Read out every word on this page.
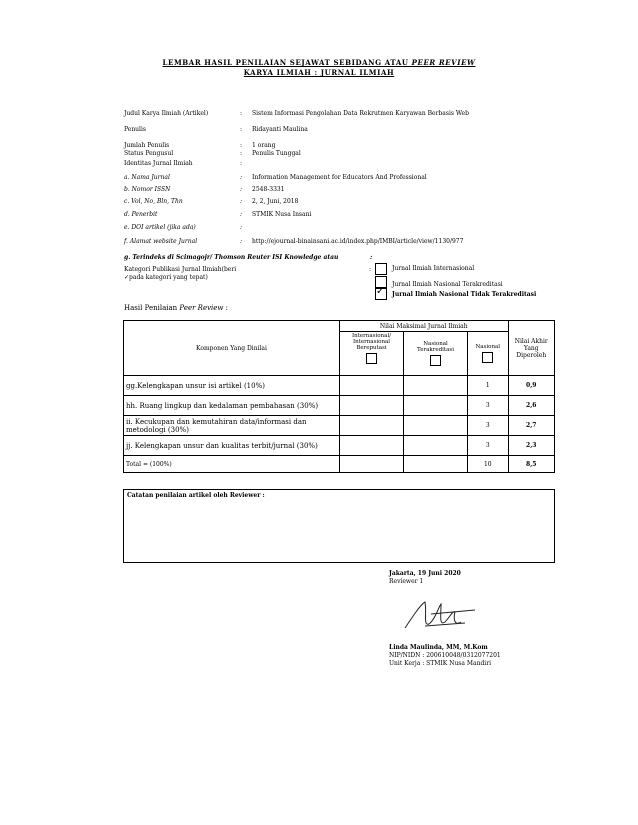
LEMBAR HASIL PENILAIAN SEJAWAT SEBIDANG ATAU PEER REVIEW
KARYA ILMIAH : JURNAL ILMIAH
Judul Karya Ilmiah (Artikel)	: Sistem Informasi Pengolahan Data Rekrutmen Karyawan Berbasis Web
Penulis	: Ridayanti Maulina
Jumlah Penulis	: 1 orang
Status Pengusul	: Penulis Tunggal
Identitas Jurnal Ilmiah	:
a. Nama Jurnal	: Information Management for Educators And Professional
b. Nomor ISSN	: 2548-3331
c. Vol, No, Bln, Thn	: 2, 2, Juni, 2018
d. Penerbit	: STMIK Nusa Insani
e. DOI artikel (jika ada)	:
f. Alamat website Jurnal	: http://ejournal-binainsani.ac.id/index.php/IMBI/article/view/1130/977
g. Terindeks di Scimagojr/ Thomson Reuter ISI Knowledge atau	:
Kategori Publikasi Jurnal Ilmiah(beri ✓pada kategori yang tepat)
:	Jurnal Ilmiah Internasional
Jurnal Ilmiah Nasional Terakreditasi
✓ Jurnal Ilmiah Nasional Tidak Terakreditasi
Hasil Penilaian Peer Review :
Komponen Yang Dinilai	Nilai Maksimal Jurnal Ilmiah			Nilai Akhir Yang Diperoleh

	Internasional/ Internasional Bereputasi	Nasional Terakreditasi	Nasional	

gg.Kelengkapan unsur isi artikel (10%)			1	0,9
hh. Ruang lingkup dan kedalaman pembahasan (30%)			3	2,6
ii. Kecukupan dan kemutahiran data/informasi dan metodologi (30%)			3	2,7
jj. Kelengkapan unsur dan kualitas terbit/jurnal (30%)			3	2,3
Total = (100%)			10	8,5
Catatan penilaian artikel oleh Reviewer :
Jakarta, 19 Juni 2020
Reviewer 1
Linda Maulinda, MM, M.Kom
NIP/NIDN : 200610048/0312077201
Unit Kerja : STMIK Nusa Mandiri
